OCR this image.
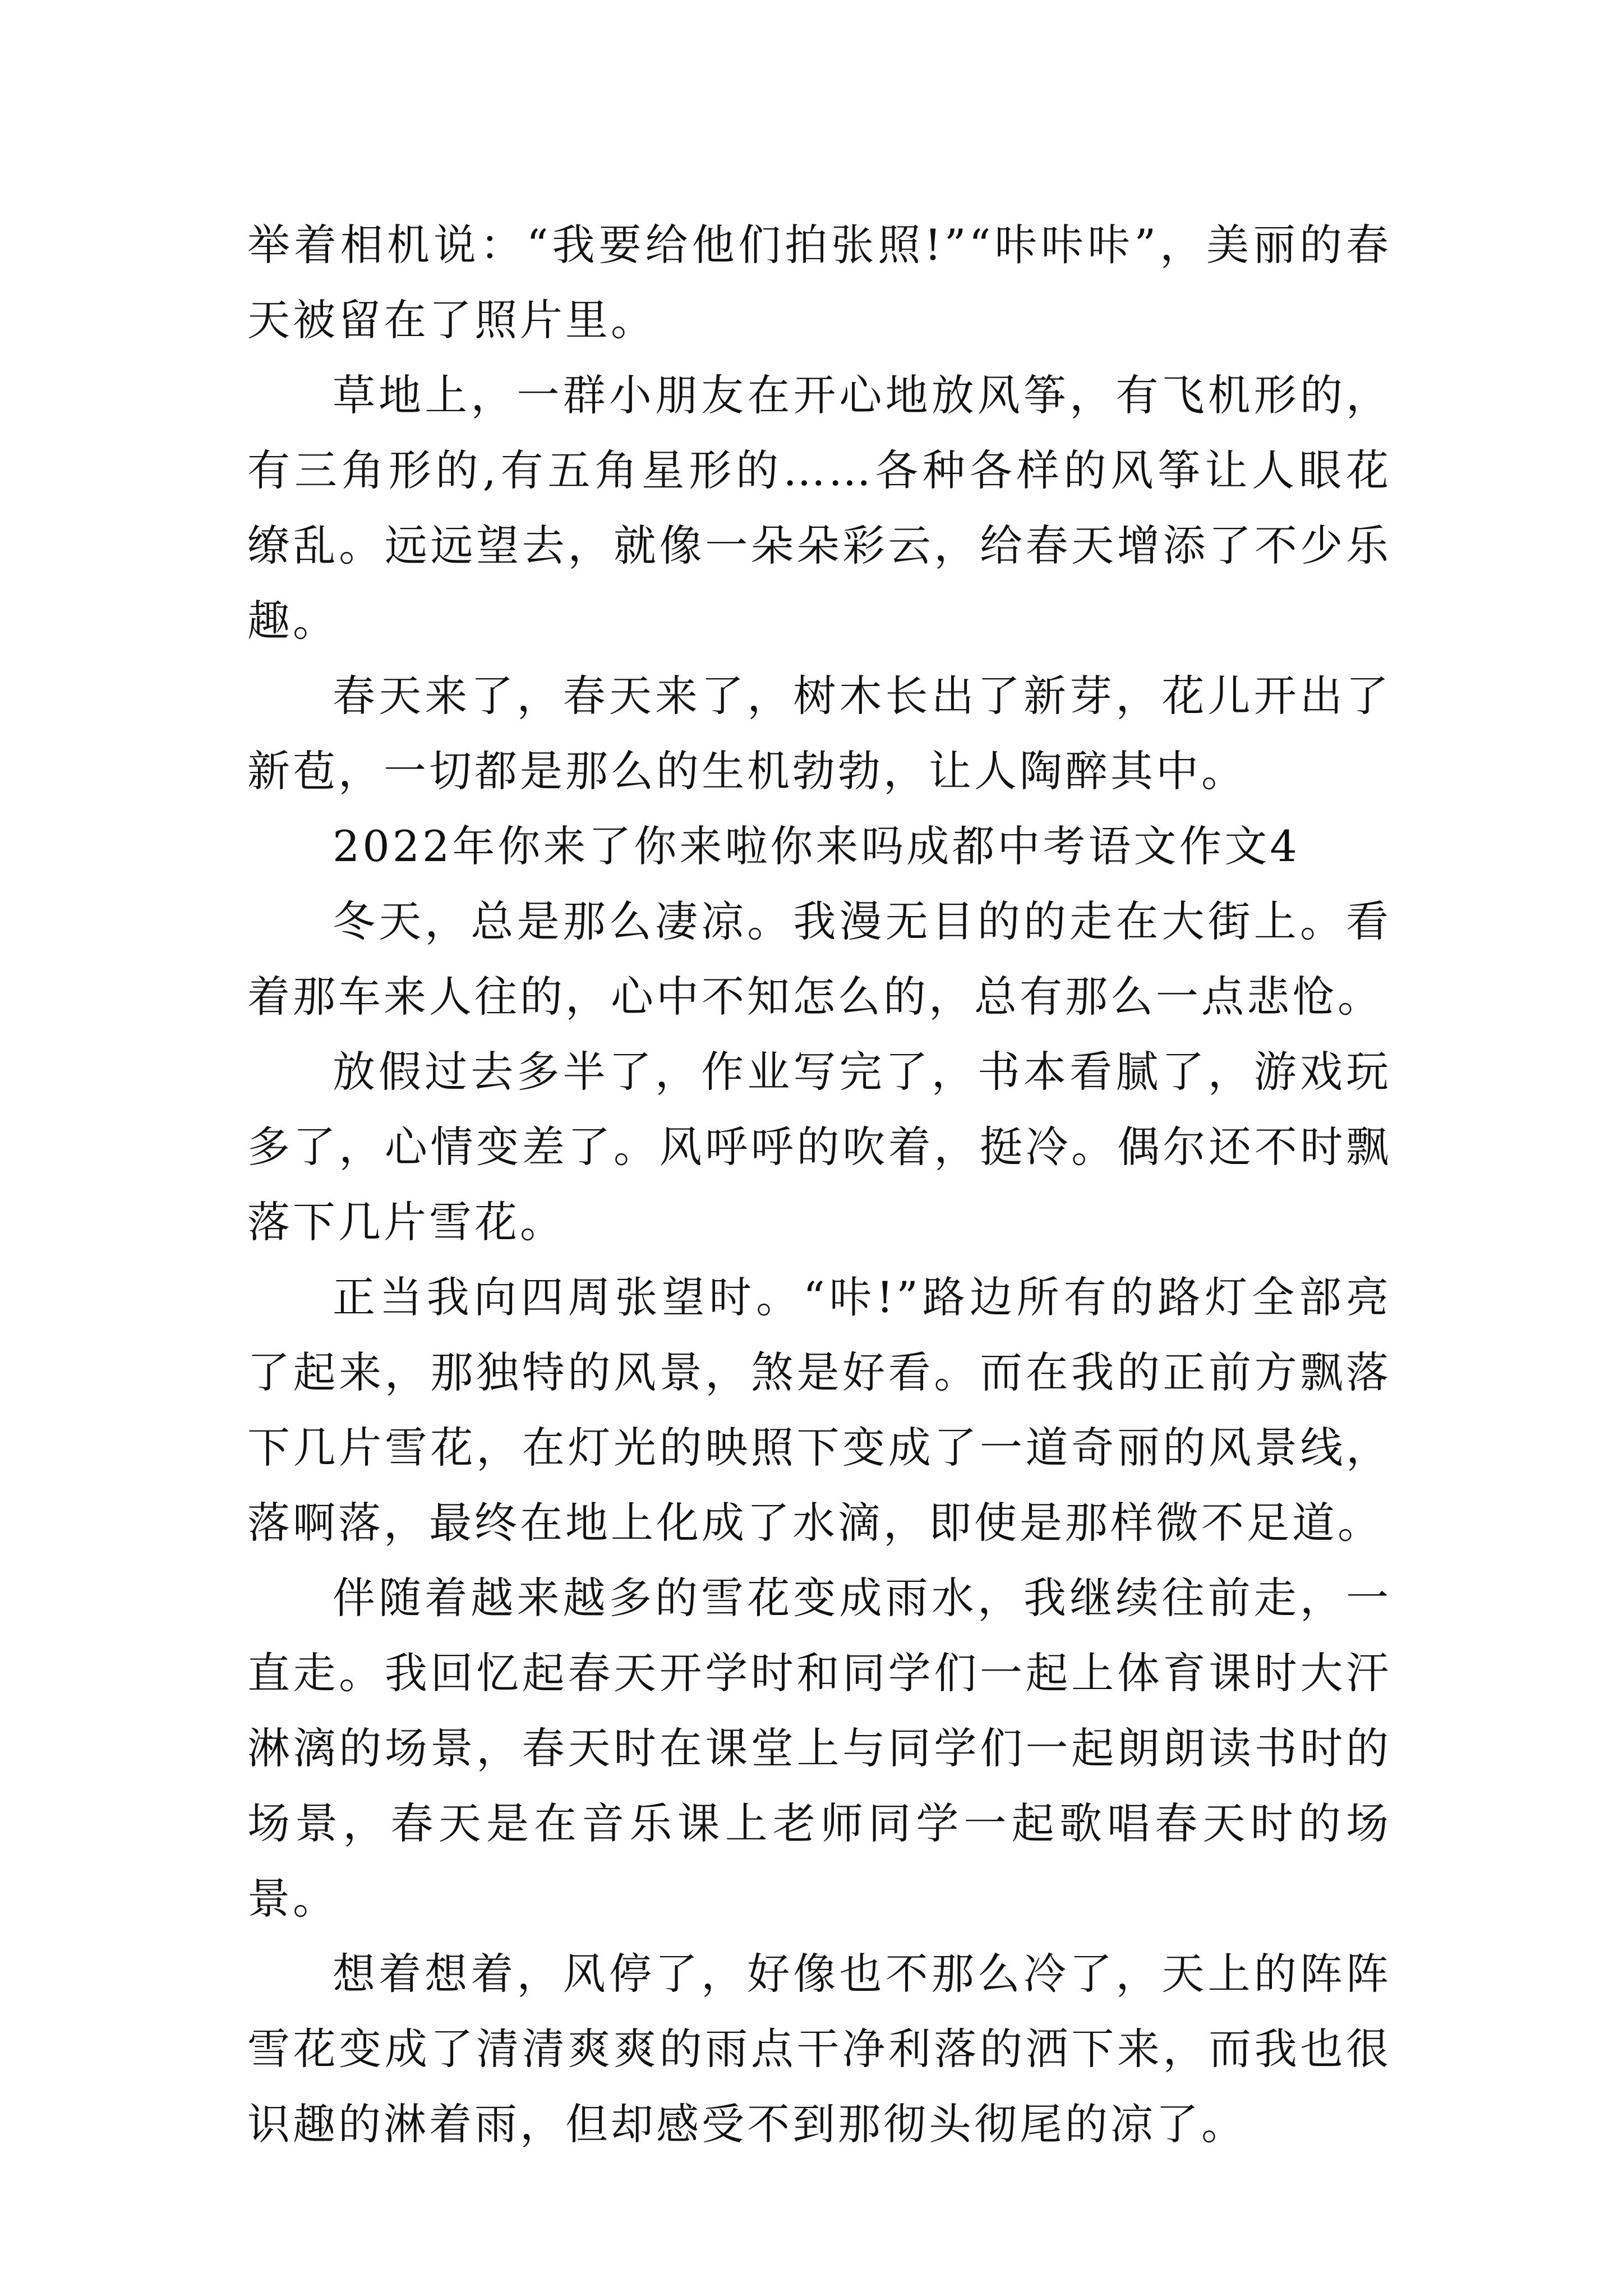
举着相机说：“我要给他们拍张照!”“咔咔咔”，美丽的春天被留在了照片里。

草地上，一群小朋友在开心地放风筝，有飞机形的，有三角形的,有五角星形的……各种各样的风筝让人眼花缭乱。远远望去，就像一朵朵彩云，给春天增添了不少乐趣。

春天来了，春天来了，树木长出了新芽，花儿开出了新苞，一切都是那么的生机勃勃，让人陶醉其中。

2022年你来了你来啦你来吗成都中考语文作文4

冬天，总是那么凄凉。我漫无目的的走在大街上。看着那车来人往的，心中不知怎么的，总有那么一点悲怆。

放假过去多半了，作业写完了，书本看腻了，游戏玩多了，心情变差了。风呼呼的吹着，挺冷。偶尔还不时飘落下几片雪花。

正当我向四周张望时。“咔!”路边所有的路灯全部亮了起来，那独特的风景，煞是好看。而在我的正前方飘落下几片雪花，在灯光的映照下变成了一道奇丽的风景线，落啊落，最终在地上化成了水滴，即使是那样微不足道。

伴随着越来越多的雪花变成雨水，我继续往前走，一直走。我回忆起春天开学时和同学们一起上体育课时大汗淋漓的场景，春天时在课堂上与同学们一起朗朗读书时的场景，春天是在音乐课上老师同学一起歌唱春天时的场景。

想着想着，风停了，好像也不那么冷了，天上的阵阵雪花变成了清清爽爽的雨点干净利落的洒下来，而我也很识趣的淋着雨，但却感受不到那彻头彻尾的凉了。
